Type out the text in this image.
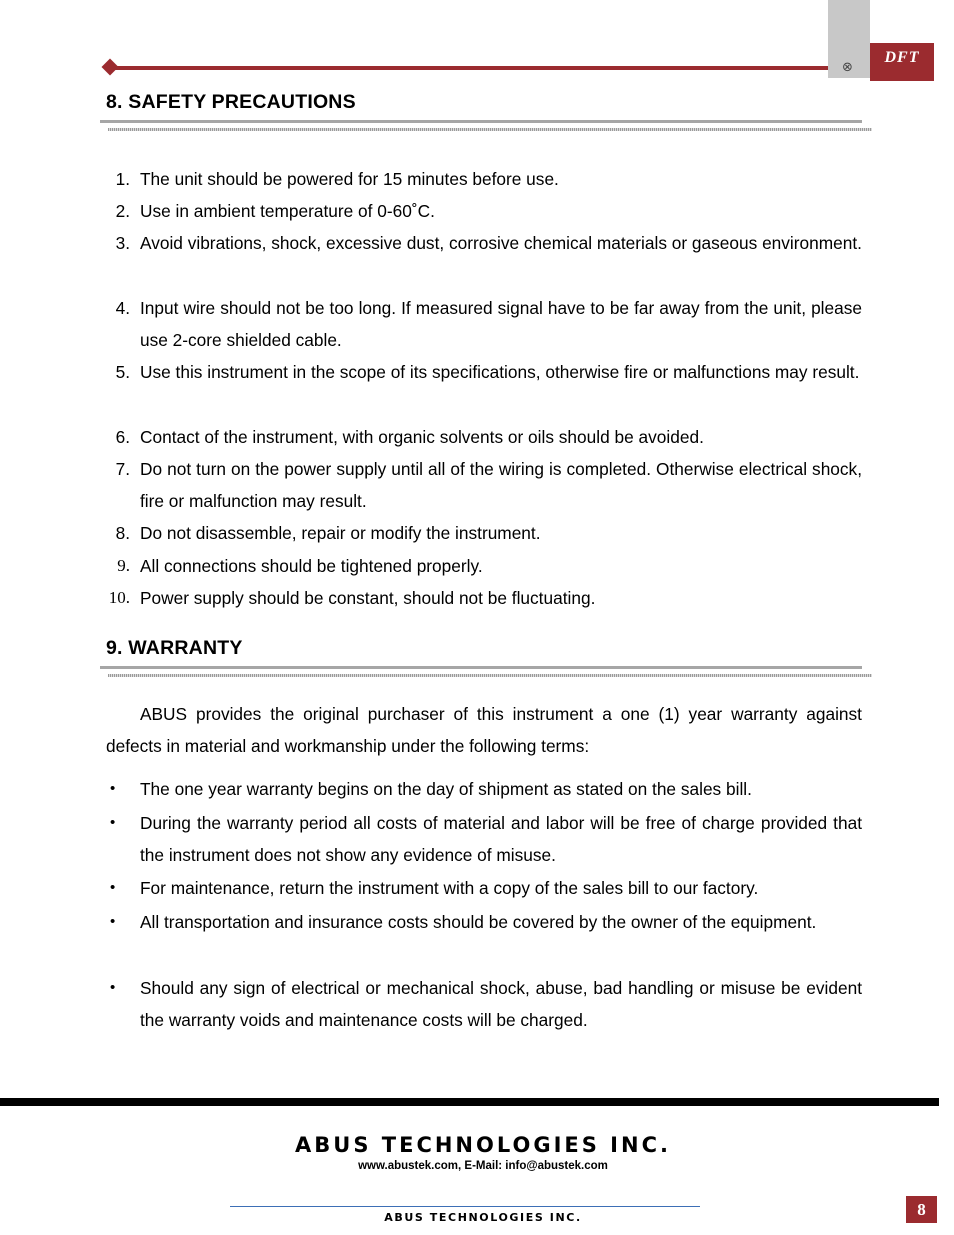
⊗
DFT
8. SAFETY PRECAUTIONS
1. The unit should be powered for 15 minutes before use.
2. Use in ambient temperature of 0-60˚C.
3. Avoid vibrations, shock, excessive dust, corrosive chemical materials or gaseous environment.
4. Input wire should not be too long. If measured signal have to be far away from the unit, please use 2-core shielded cable.
5. Use this instrument in the scope of its specifications, otherwise fire or malfunctions may result.
6. Contact of the instrument, with organic solvents or oils should be avoided.
7. Do not turn on the power supply until all of the wiring is completed. Otherwise electrical shock, fire or malfunction may result.
8. Do not disassemble, repair or modify the instrument.
9. All connections should be tightened properly.
10. Power supply should be constant, should not be fluctuating.
9. WARRANTY
ABUS provides the original purchaser of this instrument a one (1) year warranty against defects in material and workmanship under the following terms:
• The one year warranty begins on the day of shipment as stated on the sales bill.
• During the warranty period all costs of material and labor will be free of charge provided that the instrument does not show any evidence of misuse.
• For maintenance, return the instrument with a copy of the sales bill to our factory.
• All transportation and insurance costs should be covered by the owner of the equipment.
• Should any sign of electrical or mechanical shock, abuse, bad handling or misuse be evident the warranty voids and maintenance costs will be charged.
ABUS TECHNOLOGIES INC.
www.abustek.com, E-Mail: info@abustek.com
ABUS TECHNOLOGIES INC.	8
